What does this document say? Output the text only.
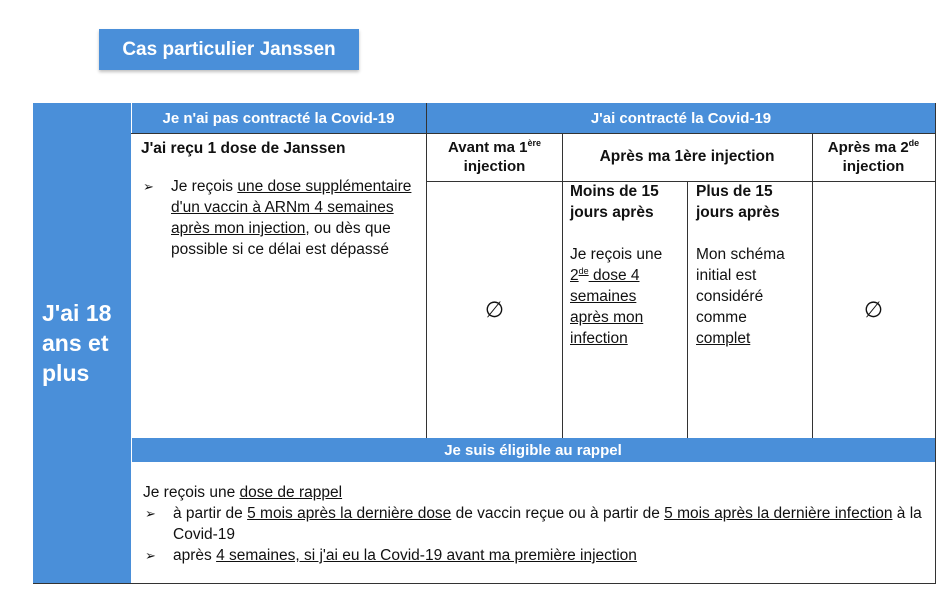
Cas particulier Janssen
J'ai 18 ans et plus
Je n'ai pas contracté la Covid-19	J'ai contracté la Covid-19
J'ai reçu 1 dose de Janssen
➢ Je reçois une dose supplémentaire d'un vaccin à ARNm 4 semaines après mon injection, ou dès que possible si ce délai est dépassé
Avant ma 1ère injection
Après ma 1ère injection
Après ma 2de injection
∅
Moins de 15 jours après
Je reçois une 2de dose 4 semaines après mon infection
Plus de 15 jours après
Mon schéma initial est considéré comme complet
∅
Je suis éligible au rappel
Je reçois une dose de rappel
➢ à partir de 5 mois après la dernière dose de vaccin reçue ou à partir de 5 mois après la dernière infection à la Covid-19
➢ après 4 semaines, si j'ai eu la Covid-19 avant ma première injection
